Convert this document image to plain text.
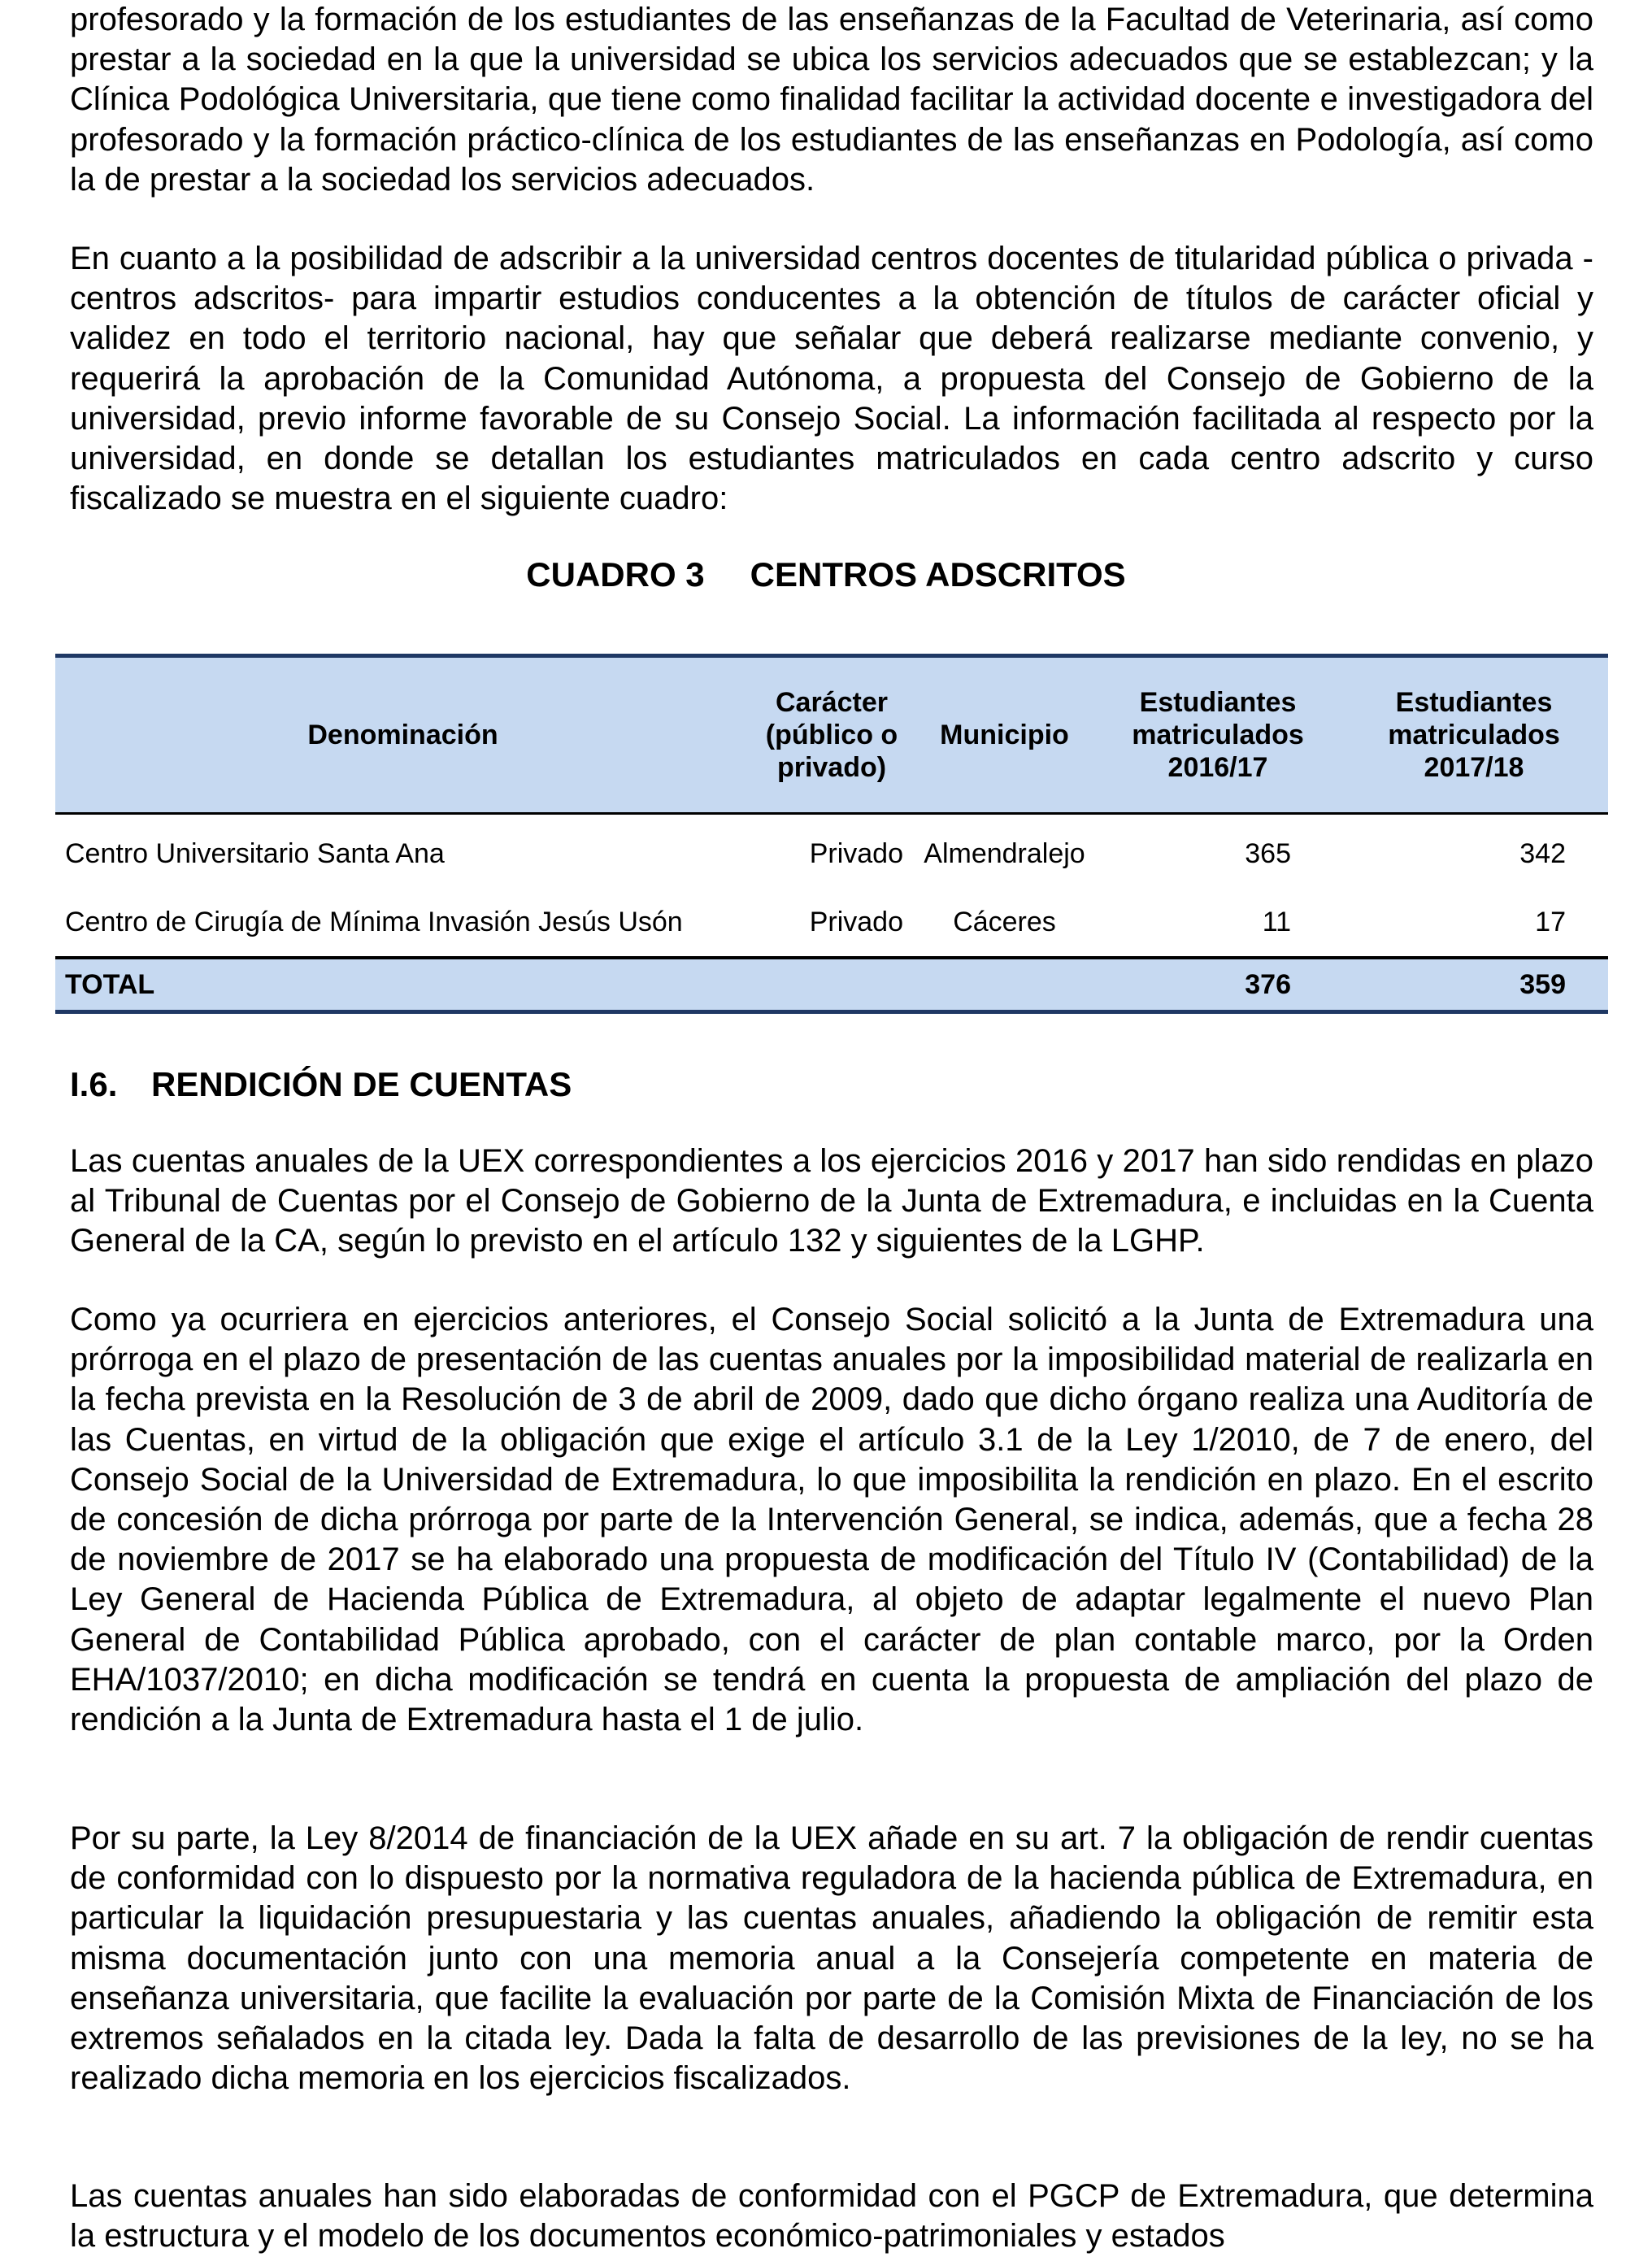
profesorado y la formación de los estudiantes de las enseñanzas de la Facultad de Veterinaria, así como prestar a la sociedad en la que la universidad se ubica los servicios adecuados que se establezcan; y la Clínica Podológica Universitaria, que tiene como finalidad facilitar la actividad docente e investigadora del profesorado y la formación práctico-clínica de los estudiantes de las enseñanzas en Podología, así como la de prestar a la sociedad los servicios adecuados.

En cuanto a la posibilidad de adscribir a la universidad centros docentes de titularidad pública o privada -centros adscritos- para impartir estudios conducentes a la obtención de títulos de carácter oficial y validez en todo el territorio nacional, hay que señalar que deberá realizarse mediante convenio, y requerirá la aprobación de la Comunidad Autónoma, a propuesta del Consejo de Gobierno de la universidad, previo informe favorable de su Consejo Social. La información facilitada al respecto por la universidad, en donde se detallan los estudiantes matriculados en cada centro adscrito y curso fiscalizado se muestra en el siguiente cuadro:

CUADRO 3 CENTROS ADSCRITOS
Denominación	Carácter (público o privado)	Municipio	Estudiantes matriculados 2016/17	Estudiantes matriculados 2017/18
Centro Universitario Santa Ana	Privado	Almendralejo	365	342
Centro de Cirugía de Mínima Invasión Jesús Usón	Privado	Cáceres	11	17
TOTAL			376	359
I.6. RENDICIÓN DE CUENTAS

Las cuentas anuales de la UEX correspondientes a los ejercicios 2016 y 2017 han sido rendidas en plazo al Tribunal de Cuentas por el Consejo de Gobierno de la Junta de Extremadura, e incluidas en la Cuenta General de la CA, según lo previsto en el artículo 132 y siguientes de la LGHP.

Como ya ocurriera en ejercicios anteriores, el Consejo Social solicitó a la Junta de Extremadura una prórroga en el plazo de presentación de las cuentas anuales por la imposibilidad material de realizarla en la fecha prevista en la Resolución de 3 de abril de 2009, dado que dicho órgano realiza una Auditoría de las Cuentas, en virtud de la obligación que exige el artículo 3.1 de la Ley 1/2010, de 7 de enero, del Consejo Social de la Universidad de Extremadura, lo que imposibilita la rendición en plazo. En el escrito de concesión de dicha prórroga por parte de la Intervención General, se indica, además, que a fecha 28 de noviembre de 2017 se ha elaborado una propuesta de modificación del Título IV (Contabilidad) de la Ley General de Hacienda Pública de Extremadura, al objeto de adaptar legalmente el nuevo Plan General de Contabilidad Pública aprobado, con el carácter de plan contable marco, por la Orden EHA/1037/2010; en dicha modificación se tendrá en cuenta la propuesta de ampliación del plazo de rendición a la Junta de Extremadura hasta el 1 de julio.

Por su parte, la Ley 8/2014 de financiación de la UEX añade en su art. 7 la obligación de rendir cuentas de conformidad con lo dispuesto por la normativa reguladora de la hacienda pública de Extremadura, en particular la liquidación presupuestaria y las cuentas anuales, añadiendo la obligación de remitir esta misma documentación junto con una memoria anual a la Consejería competente en materia de enseñanza universitaria, que facilite la evaluación por parte de la Comisión Mixta de Financiación de los extremos señalados en la citada ley. Dada la falta de desarrollo de las previsiones de la ley, no se ha realizado dicha memoria en los ejercicios fiscalizados.

Las cuentas anuales han sido elaboradas de conformidad con el PGCP de Extremadura, que determina la estructura y el modelo de los documentos económico-patrimoniales y estados
